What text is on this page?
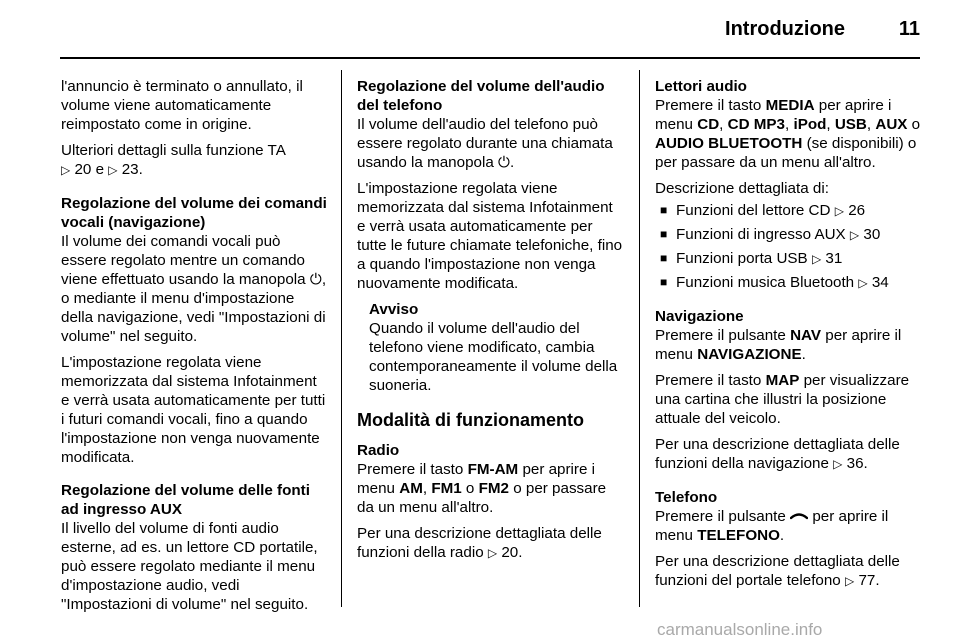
Introduzione	11

l'annuncio è terminato o annullato, il volume viene automaticamente reimpostato come in origine.

Ulteriori dettagli sulla funzione TA
▷ 20 e ▷ 23.

Regolazione del volume dei comandi vocali (navigazione)

Il volume dei comandi vocali può essere regolato mentre un comando viene effettuato usando la manopola ⏻, o mediante il menu d'impostazione della navigazione, vedi "Impostazioni di volume" nel seguito.

L'impostazione regolata viene memorizzata dal sistema Infotainment e verrà usata automaticamente per tutti i futuri comandi vocali, fino a quando l'impostazione non venga nuovamente modificata.

Regolazione del volume delle fonti ad ingresso AUX

Il livello del volume di fonti audio esterne, ad es. un lettore CD portatile, può essere regolato mediante il menu d'impostazione audio, vedi "Impostazioni di volume" nel seguito.

Regolazione del volume dell'audio del telefono

Il volume dell'audio del telefono può essere regolato durante una chiamata usando la manopola ⏻.

L'impostazione regolata viene memorizzata dal sistema Infotainment e verrà usata automaticamente per tutte le future chiamate telefoniche, fino a quando l'impostazione non venga nuovamente modificata.

Avviso
Quando il volume dell'audio del telefono viene modificato, cambia contemporaneamente il volume della suoneria.
Modalità di funzionamento
Radio

Premere il tasto FM-AM per aprire i menu AM, FM1 o FM2 o per passare da un menu all'altro.

Per una descrizione dettagliata delle funzioni della radio ▷ 20.

Lettori audio

Premere il tasto MEDIA per aprire i menu CD, CD MP3, iPod, USB, AUX o AUDIO BLUETOOTH (se disponibili) o per passare da un menu all'altro.

Descrizione dettagliata di:

■ Funzioni del lettore CD ▷ 26
■ Funzioni di ingresso AUX ▷ 30
■ Funzioni porta USB ▷ 31
■ Funzioni musica Bluetooth ▷ 34
Navigazione

Premere il pulsante NAV per aprire il menu NAVIGAZIONE.

Premere il tasto MAP per visualizzare una cartina che illustri la posizione attuale del veicolo.

Per una descrizione dettagliata delle funzioni della navigazione ▷ 36.

Telefono

Premere il pulsante per aprire il menu TELEFONO.

Per una descrizione dettagliata delle funzioni del portale telefono ▷ 77.

carmanualsonline.info
